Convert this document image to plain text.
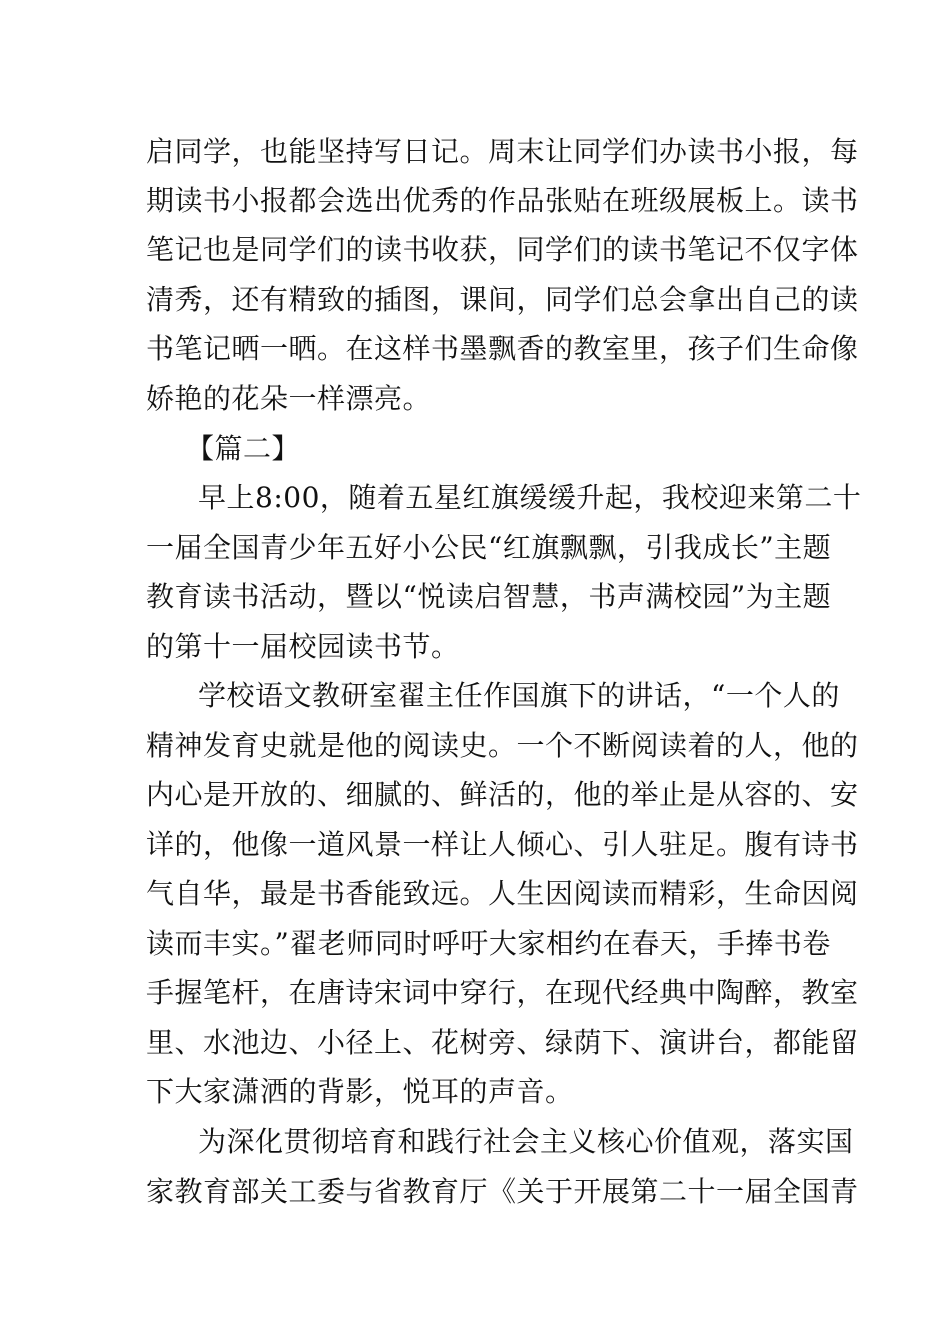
启同学，也能坚持写日记。周末让同学们办读书小报，每
期读书小报都会选出优秀的作品张贴在班级展板上。读书
笔记也是同学们的读书收获，同学们的读书笔记不仅字体
清秀，还有精致的插图，课间，同学们总会拿出自己的读
书笔记晒一晒。在这样书墨飘香的教室里，孩子们生命像
娇艳的花朵一样漂亮。
【篇二】
早上8:00，随着五星红旗缓缓升起，我校迎来第二十
一届全国青少年五好小公民“红旗飘飘，引我成长”主题
教育读书活动，暨以“悦读启智慧，书声满校园”为主题
的第十一届校园读书节。
学校语文教研室翟主任作国旗下的讲话，“一个人的
精神发育史就是他的阅读史。一个不断阅读着的人，他的
内心是开放的、细腻的、鲜活的，他的举止是从容的、安
详的，他像一道风景一样让人倾心、引人驻足。腹有诗书
气自华，最是书香能致远。人生因阅读而精彩，生命因阅
读而丰实。”翟老师同时呼吁大家相约在春天，手捧书卷
手握笔杆，在唐诗宋词中穿行，在现代经典中陶醉，教室
里、水池边、小径上、花树旁、绿荫下、演讲台，都能留
下大家潇洒的背影，悦耳的声音。
为深化贯彻培育和践行社会主义核心价值观，落实国
家教育部关工委与省教育厅《关于开展第二十一届全国青
